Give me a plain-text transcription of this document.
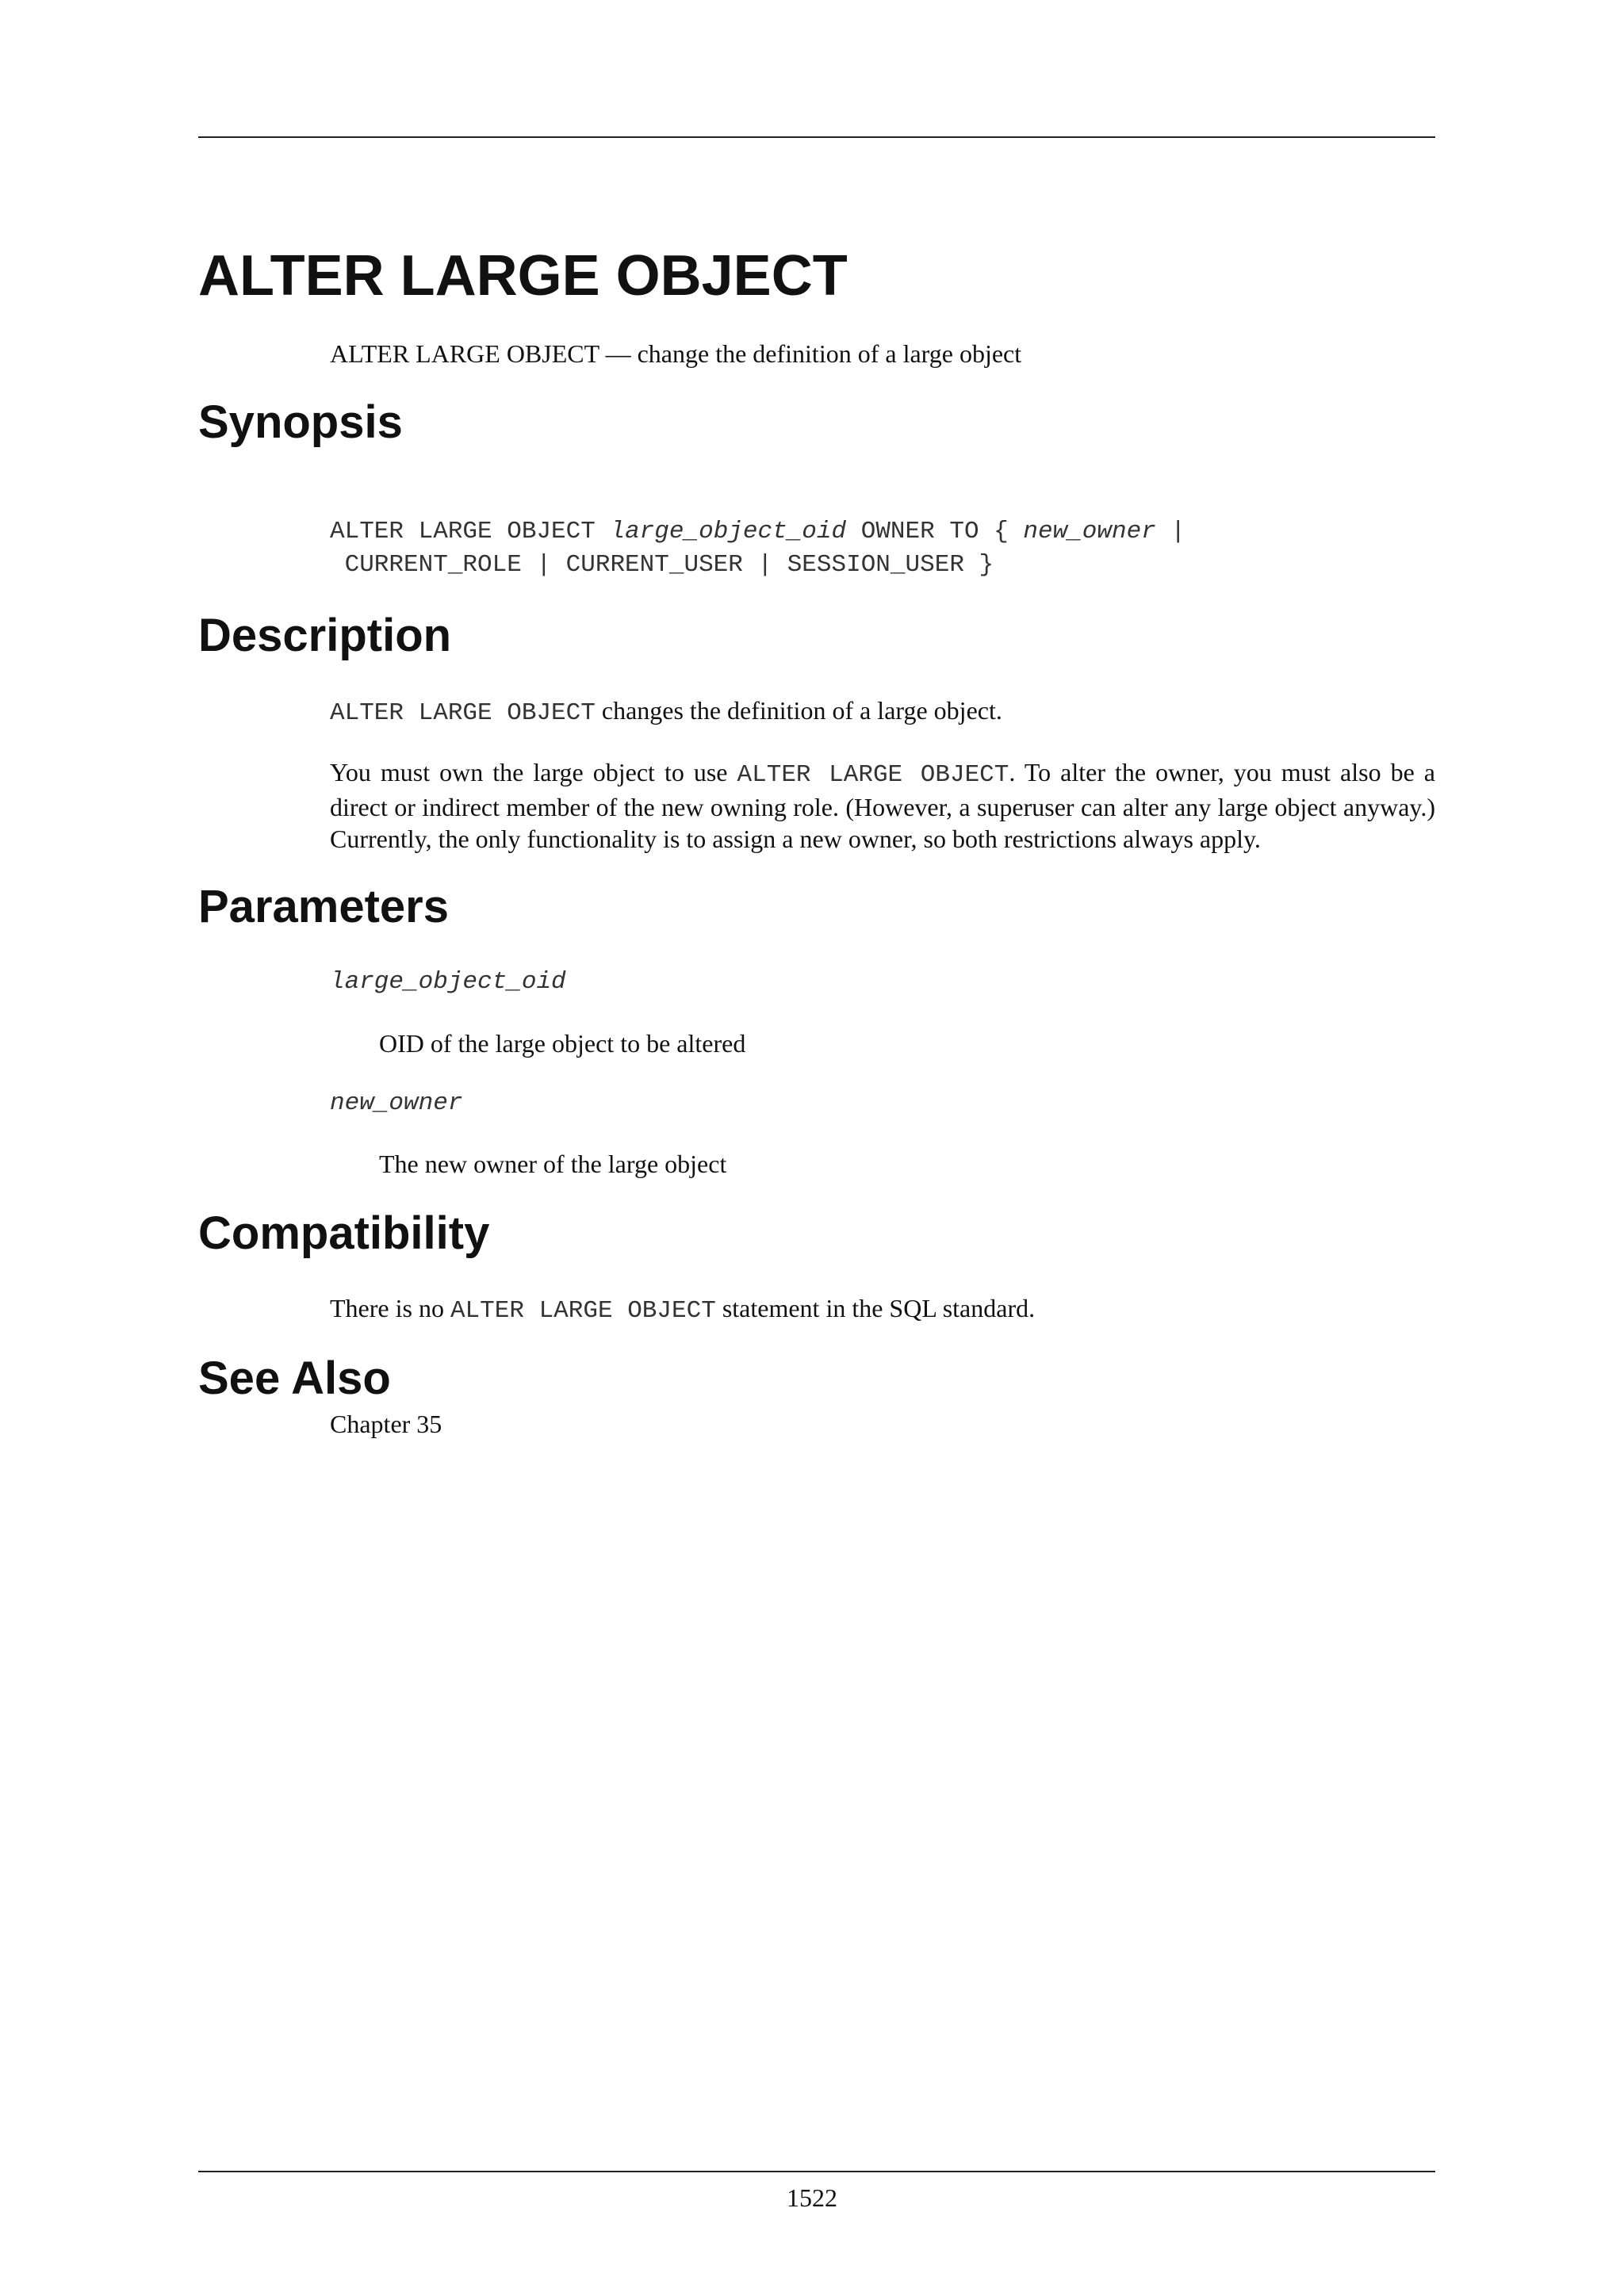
ALTER LARGE OBJECT

ALTER LARGE OBJECT — change the definition of a large object

Synopsis
ALTER LARGE OBJECT large_object_oid OWNER TO { new_owner |
CURRENT_ROLE | CURRENT_USER | SESSION_USER }
Description

ALTER LARGE OBJECT changes the definition of a large object.

You must own the large object to use ALTER LARGE OBJECT. To alter the owner, you must also be a direct or indirect member of the new owning role. (However, a superuser can alter any large object anyway.) Currently, the only functionality is to assign a new owner, so both restrictions always apply.

Parameters

large_object_oid

OID of the large object to be altered

new_owner

The new owner of the large object

Compatibility

There is no ALTER LARGE OBJECT statement in the SQL standard.

See Also

Chapter 35

1522
